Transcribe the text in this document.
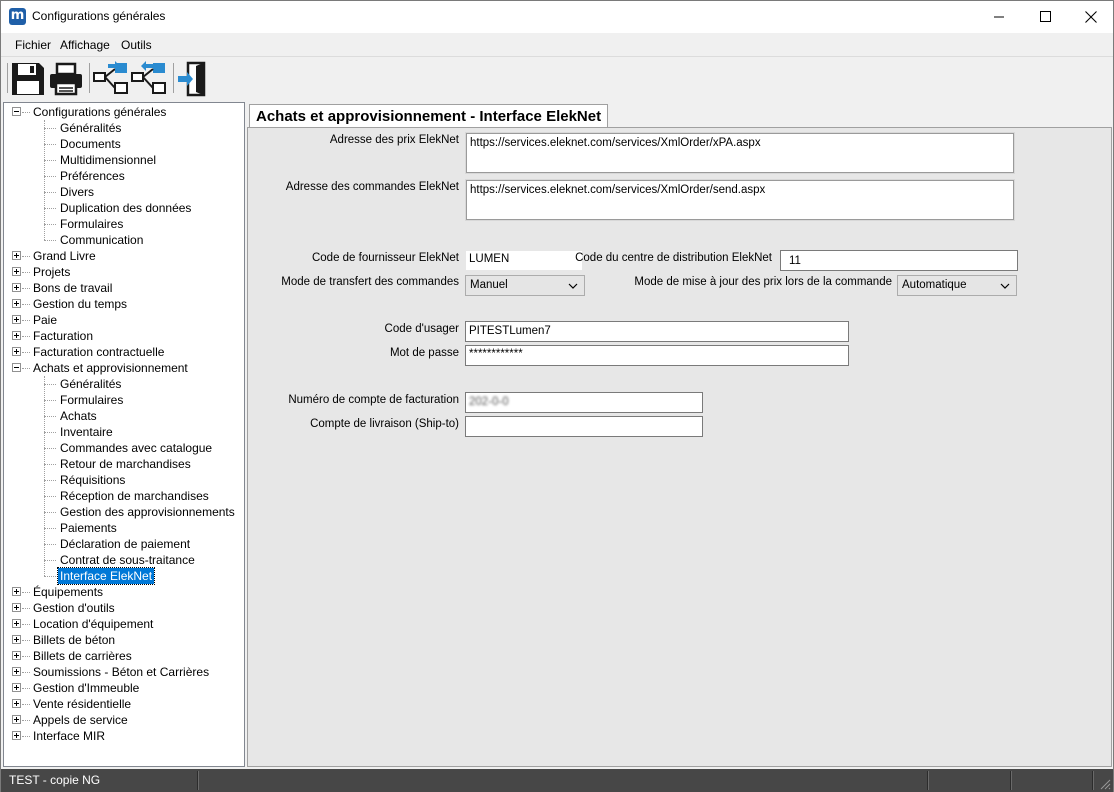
m Configurations générales
Fichier Affichage Outils
Configurations générales
Généralités
Documents
Multidimensionnel
Préférences
Divers
Duplication des données
Formulaires
Communication
Grand Livre
Projets
Bons de travail
Gestion du temps
Paie
Facturation
Facturation contractuelle
Achats et approvisionnement
Généralités
Formulaires
Achats
Inventaire
Commandes avec catalogue
Retour de marchandises
Réquisitions
Réception de marchandises
Gestion des approvisionnements
Paiements
Déclaration de paiement
Contrat de sous-traitance
Interface ElekNet
Équipements
Gestion d'outils
Location d'équipement
Billets de béton
Billets de carrières
Soumissions - Béton et Carrières
Gestion d'Immeuble
Vente résidentielle
Appels de service
Interface MIR
Achats et approvisionnement - Interface ElekNet
Adresse des prix ElekNet https://services.eleknet.com/services/XmlOrder/xPA.aspx
Adresse des commandes ElekNet https://services.eleknet.com/services/XmlOrder/send.aspx
Code de fournisseur ElekNet LUMEN	Code du centre de distribution ElekNet	11
Mode de transfert des commandes Manuel	Mode de mise à jour des prix lors de la commande Automatique
Code d'usager PITESTLumen7
Mot de passe ************
Numéro de compte de facturation 202-0-0
Compte de livraison (Ship-to)
TEST - copie NG
